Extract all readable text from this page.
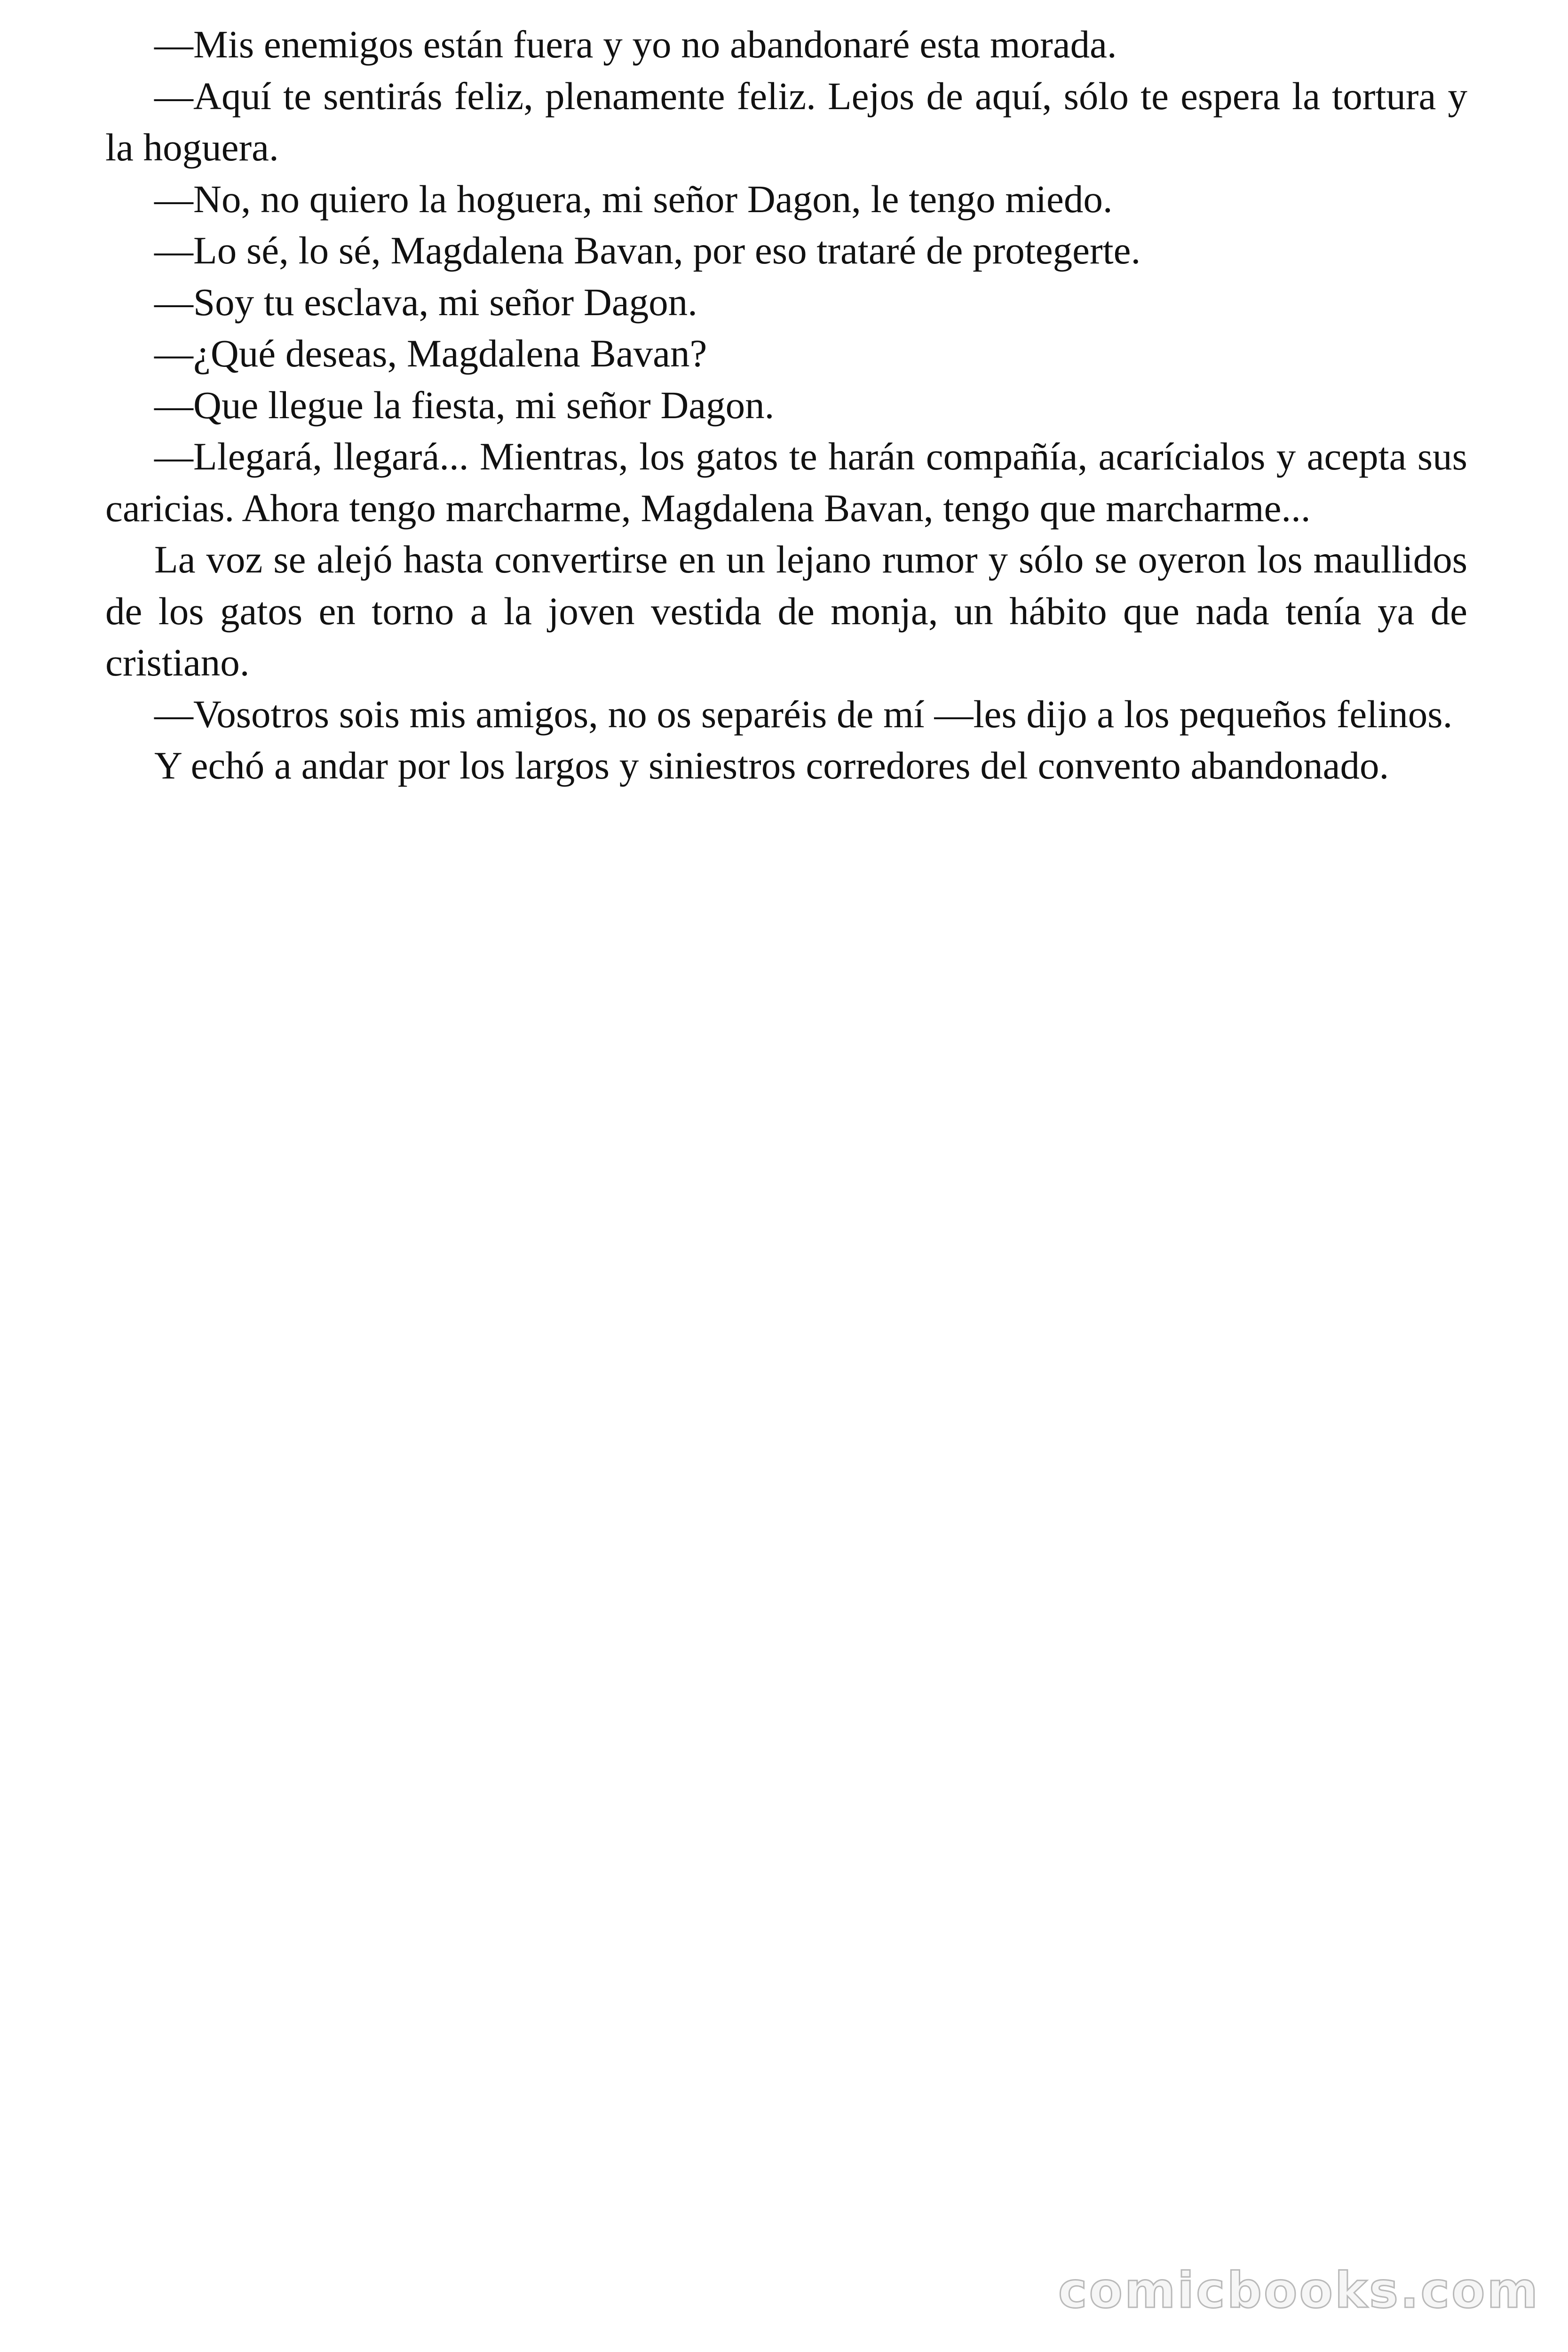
—Mis enemigos están fuera y yo no abandonaré esta morada.

—Aquí te sentirás feliz, plenamente feliz. Lejos de aquí, sólo te espera la tortura y la hoguera.

—No, no quiero la hoguera, mi señor Dagon, le tengo miedo.

—Lo sé, lo sé, Magdalena Bavan, por eso trataré de protegerte.

—Soy tu esclava, mi señor Dagon.

—¿Qué deseas, Magdalena Bavan?

—Que llegue la fiesta, mi señor Dagon.

—Llegará, llegará... Mientras, los gatos te harán compañía, acarícialos y acepta sus caricias. Ahora tengo marcharme, Magdalena Bavan, tengo que marcharme...

La voz se alejó hasta convertirse en un lejano rumor y sólo se oyeron los maullidos de los gatos en torno a la joven vestida de monja, un hábito que nada tenía ya de cristiano.

—Vosotros sois mis amigos, no os separéis de mí —les dijo a los pequeños felinos.

Y echó a andar por los largos y siniestros corredores del convento abandonado.

comicbooks.com
